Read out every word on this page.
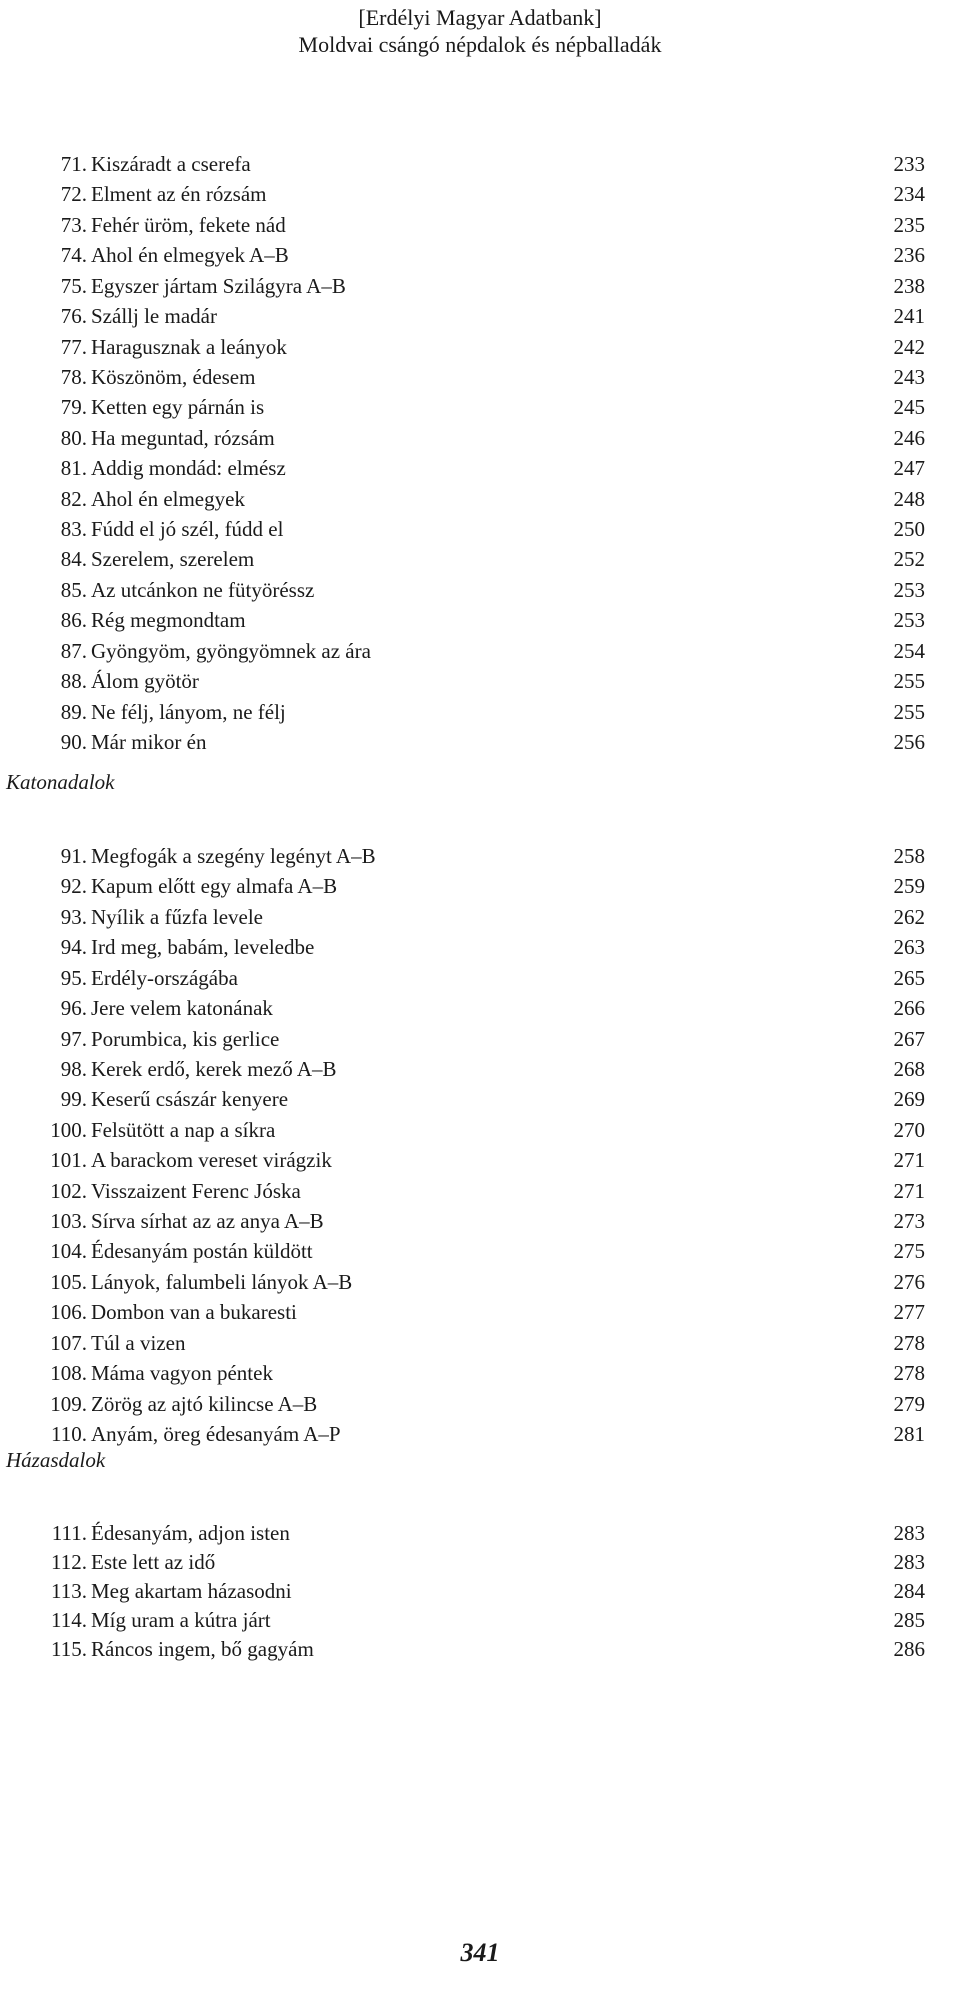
[Erdélyi Magyar Adatbank]
Moldvai csángó népdalok és népballadák
71. Kiszáradt a cserefa	233
72. Elment az én rózsám	234
73. Fehér üröm, fekete nád	235
74. Ahol én elmegyek A–B	236
75. Egyszer jártam Szilágyra A–B	238
76. Szállj le madár	241
77. Haragusznak a leányok	242
78. Köszönöm, édesem	243
79. Ketten egy párnán is	245
80. Ha meguntad, rózsám	246
81. Addig mondád: elmész	247
82. Ahol én elmegyek	248
83. Fúdd el jó szél, fúdd el	250
84. Szerelem, szerelem	252
85. Az utcánkon ne fütyöréssz	253
86. Rég megmondtam	253
87. Gyöngyöm, gyöngyömnek az ára	254
88. Álom gyötör	255
89. Ne félj, lányom, ne félj	255
90. Már mikor én	256
Katonadalok
91. Megfogák a szegény legényt A–B	258
92. Kapum előtt egy almafa A–B	259
93. Nyílik a fűzfa levele	262
94. Ird meg, babám, leveledbe	263
95. Erdély-országába	265
96. Jere velem katonának	266
97. Porumbica, kis gerlice	267
98. Kerek erdő, kerek mező A–B	268
99. Keserű császár kenyere	269
100. Felsütött a nap a síkra	270
101. A barackom vereset virágzik	271
102. Visszaizent Ferenc Jóska	271
103. Sírva sírhat az az anya A–B	273
104. Édesanyám postán küldött	275
105. Lányok, falumbeli lányok A–B	276
106. Dombon van a bukaresti	277
107. Túl a vizen	278
108. Máma vagyon péntek	278
109. Zörög az ajtó kilincse A–B	279
110. Anyám, öreg édesanyám A–P	281
Házasdalok
111. Édesanyám, adjon isten	283
112. Este lett az idő	283
113. Meg akartam házasodni	284
114. Míg uram a kútra járt	285
115. Ráncos ingem, bő gagyám	286
341
